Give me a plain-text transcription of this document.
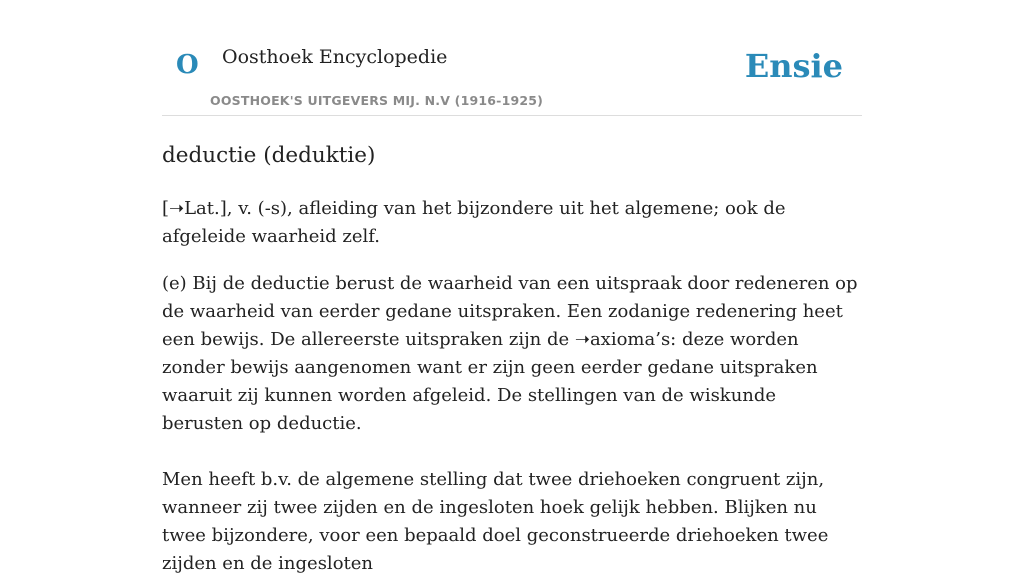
O Oosthoek Encyclopedie
OOSTHOEK'S UITGEVERS MIJ. N.V (1916-1925)
Ensie
deductie (deduktie)

[➝Lat.], v. (-s), afleiding van het bijzondere uit het algemene; ook de afgeleide waarheid zelf.

(e) Bij de deductie berust de waarheid van een uitspraak door redeneren op de waarheid van eerder gedane uitspraken. Een zodanige redenering heet een bewijs. De allereerste uitspraken zijn de ➝axioma’s: deze worden zonder bewijs aangenomen want er zijn geen eerder gedane uitspraken waaruit zij kunnen worden afgeleid. De stellingen van de wiskunde berusten op deductie.

Men heeft b.v. de algemene stelling dat twee driehoeken congruent zijn, wanneer zij twee zijden en de ingesloten hoek gelijk hebben. Blijken nu twee bijzondere, voor een bepaald doel geconstrueerde driehoeken twee zijden en de ingesloten
